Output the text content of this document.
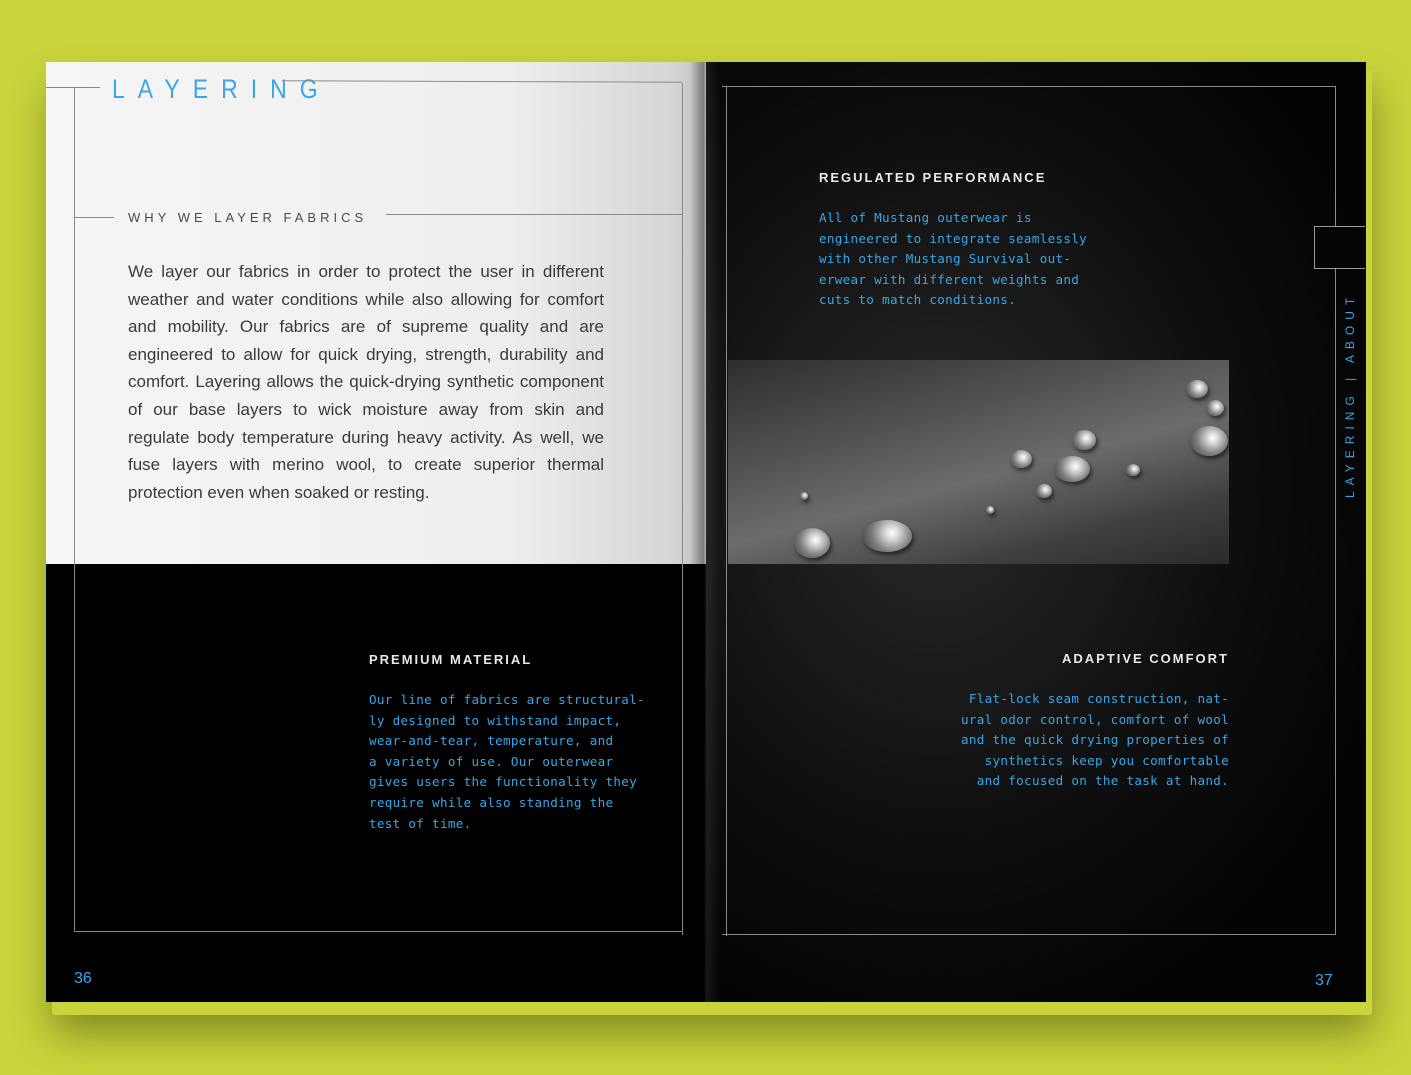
LAYERING
WHY WE LAYER FABRICS
We layer our fabrics in order to protect the user in different weather and water conditions while also allowing for comfort and mobility. Our fabrics are of supreme quality and are engineered to allow for quick drying, strength, durability and comfort. Layering allows the quick-drying synthetic component of our base layers to wick moisture away from skin and regulate body temperature during heavy activity. As well, we fuse layers with merino wool, to create superior thermal protection even when soaked or resting.
PREMIUM MATERIAL
Our line of fabrics are structural-
ly designed to withstand impact,
wear-and-tear, temperature, and
a variety of use. Our outerwear
gives users the functionality they
require while also standing the
test of time.
36
REGULATED PERFORMANCE
All of Mustang outerwear is
engineered to integrate seamlessly
with other Mustang Survival out-
erwear with different weights and
cuts to match conditions.
ADAPTIVE COMFORT
Flat-lock seam construction, nat-
ural odor control, comfort of wool
and the quick drying properties of
synthetics keep you comfortable
and focused on the task at hand.
LAYERING | ABOUT
37
